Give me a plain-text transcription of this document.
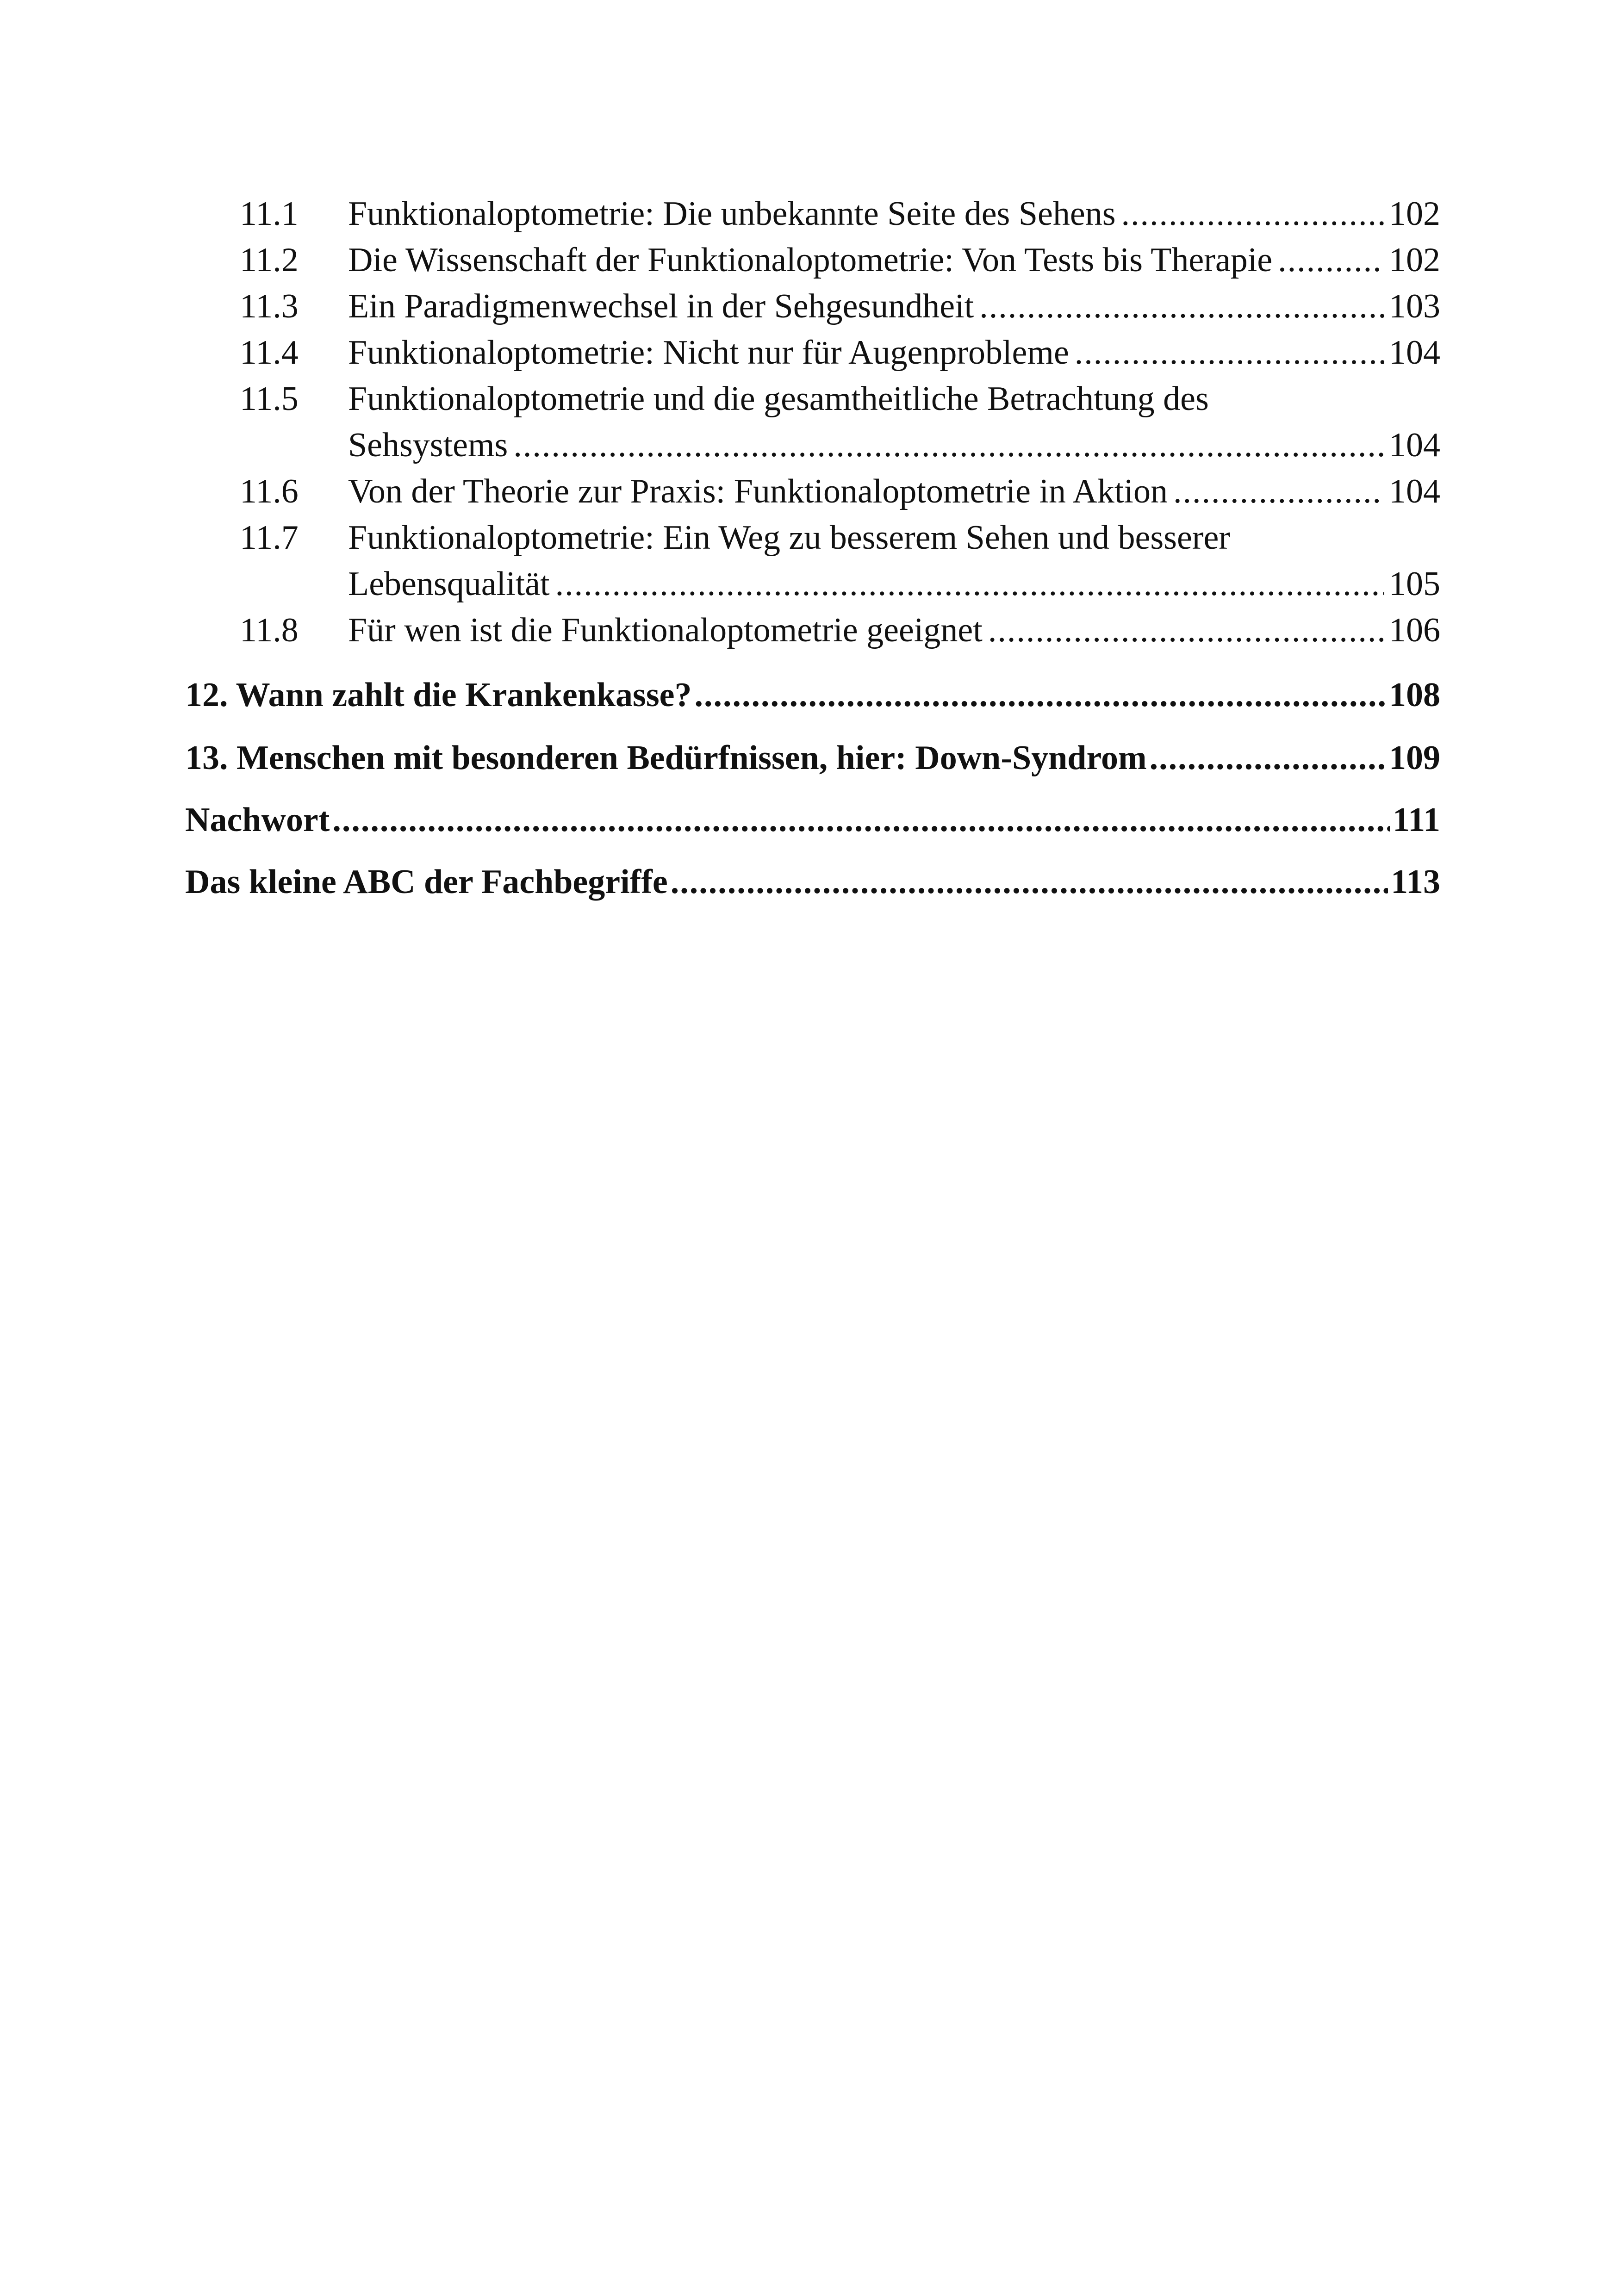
11.1 Funktionaloptometrie: Die unbekannte Seite des Sehens .....	102
11.2 Die Wissenschaft der Funktionaloptometrie: Von Tests bis Therapie .....	102
11.3 Ein Paradigmenwechsel in der Sehgesundheit .....	103
11.4 Funktionaloptometrie: Nicht nur für Augenprobleme .....	104
11.5 Funktionaloptometrie und die gesamtheitliche Betrachtung des
Sehsystems .....	104
11.6 Von der Theorie zur Praxis: Funktionaloptometrie in Aktion .....	104
11.7 Funktionaloptometrie: Ein Weg zu besserem Sehen und besserer
Lebensqualität .....	105
11.8 Für wen ist die Funktionaloptometrie geeignet .....	106
12. Wann zahlt die Krankenkasse? .....	108
13. Menschen mit besonderen Bedürfnissen, hier: Down-Syndrom .....	109
Nachwort .....	111
Das kleine ABC der Fachbegriffe .....	113
